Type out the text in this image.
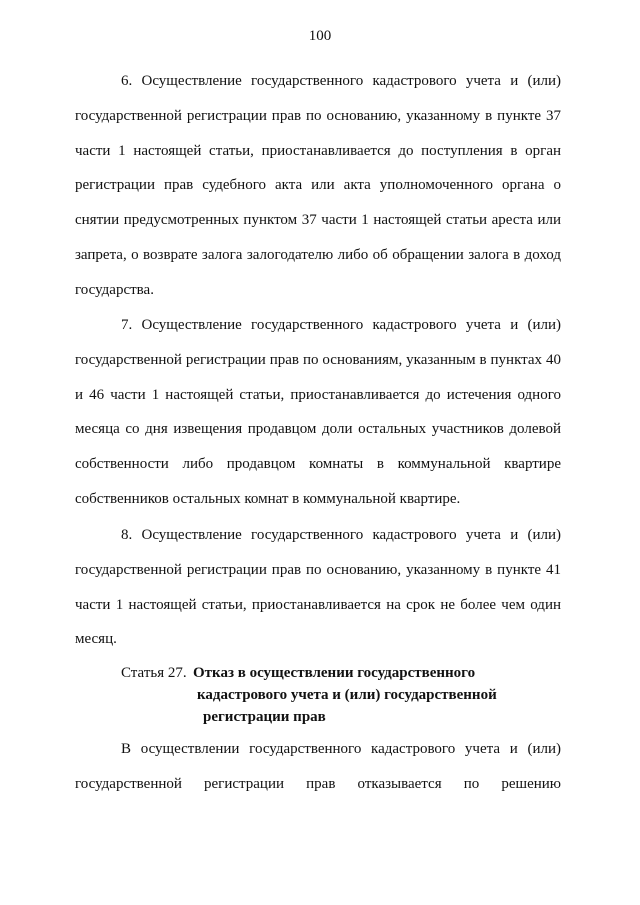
100
6. Осуществление государственного кадастрового учета и (или) государственной регистрации прав по основанию, указанному в пункте 37 части 1 настоящей статьи, приостанавливается до поступления в орган регистрации прав судебного акта или акта уполномоченного органа о снятии предусмотренных пунктом 37 части 1 настоящей статьи ареста или запрета, о возврате залога залогодателю либо об обращении залога в доход государства.
7. Осуществление государственного кадастрового учета и (или) государственной регистрации прав по основаниям, указанным в пунктах 40 и 46 части 1 настоящей статьи, приостанавливается до истечения одного месяца со дня извещения продавцом доли остальных участников долевой собственности либо продавцом комнаты в коммунальной квартире собственников остальных комнат в коммунальной квартире.
8. Осуществление государственного кадастрового учета и (или) государственной регистрации прав по основанию, указанному в пункте 41 части 1 настоящей статьи, приостанавливается на срок не более чем один месяц.
Статья 27. Отказ в осуществлении государственного
кадастрового учета и (или) государственной
регистрации прав
В осуществлении государственного кадастрового учета и (или) государственной регистрации прав отказывается по решению
